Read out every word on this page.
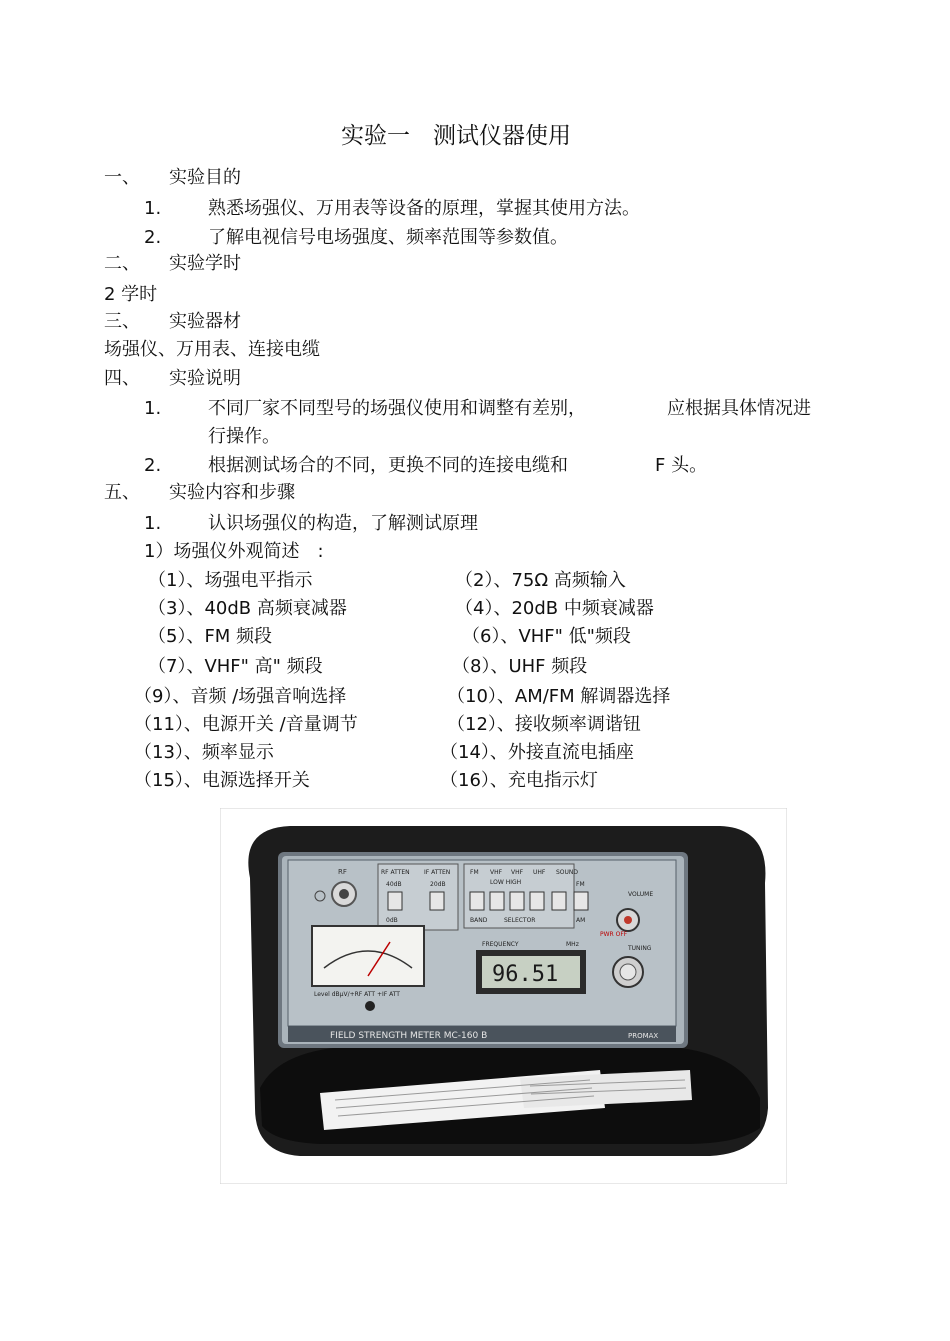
实验一　测试仪器使用
一、 实验目的
1.	熟悉场强仪、万用表等设备的原理，掌握其使用方法。
2.	了解电视信号电场强度、频率范围等参数值。
二、 实验学时
2 学时
三、 实验器材
场强仪、万用表、连接电缆
四、 实验说明
1.	不同厂家不同型号的场强仪使用和调整有差别，	应根据具体情况进
行操作。
2.	根据测试场合的不同，更换不同的连接电缆和	F 头。
五、 实验内容和步骤
1.	认识场强仪的构造，了解测试原理
1）场强仪外观简述　:
（1）、场强电平指示	（2）、75Ω 高频输入
（3）、40dB 高频衰减器	（4）、20dB 中频衰减器
（5）、FM 频段	（6）、VHF" 低"频段
（7）、VHF" 高" 频段	（8）、UHF 频段
（9）、音频 /场强音响选择	（10）、AM/FM 解调器选择
（11）、电源开关 /音量调节	（12）、接收频率调谐钮
（13）、频率显示	（14）、外接直流电插座
（15）、电源选择开关	（16）、充电指示灯
FIELD STRENGTH METER MC-160 B	PROMAX
RF	RF ATTEN IF ATTEN
40dB	20dB
0dB
Level dBµV/+RF ATT +IF ATT
FM VHF VHF UHF
LOW HIGH
BAND	SELECTOR
SOUND
FM
AM
VOLUME
PWR OFF
FREQUENCY	MHz
96.51
TUNING
